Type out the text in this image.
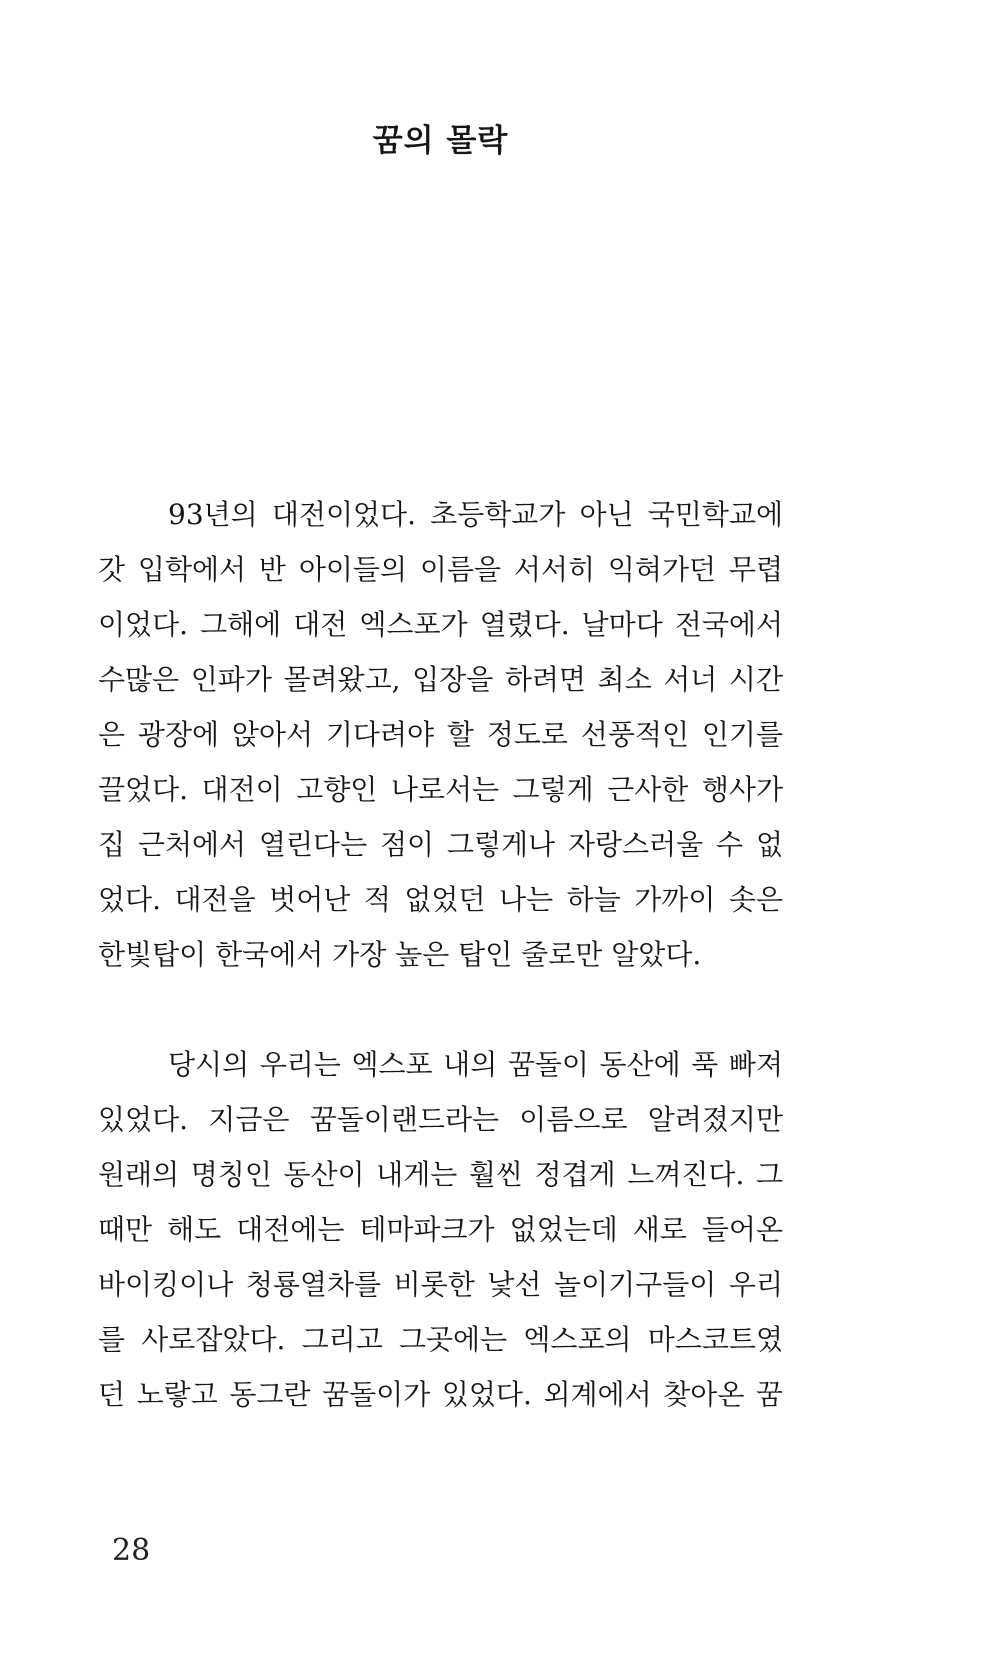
꿈의 몰락
93년의 대전이었다. 초등학교가 아닌 국민학교에
갓 입학에서 반 아이들의 이름을 서서히 익혀가던 무렵
이었다. 그해에 대전 엑스포가 열렸다. 날마다 전국에서
수많은 인파가 몰려왔고, 입장을 하려면 최소 서너 시간
은 광장에 앉아서 기다려야 할 정도로 선풍적인 인기를
끌었다. 대전이 고향인 나로서는 그렇게 근사한 행사가
집 근처에서 열린다는 점이 그렇게나 자랑스러울 수 없
었다. 대전을 벗어난 적 없었던 나는 하늘 가까이 솟은
한빛탑이 한국에서 가장 높은 탑인 줄로만 알았다.
당시의 우리는 엑스포 내의 꿈돌이 동산에 푹 빠져
있었다. 지금은 꿈돌이랜드라는 이름으로 알려졌지만
원래의 명칭인 동산이 내게는 훨씬 정겹게 느껴진다. 그
때만 해도 대전에는 테마파크가 없었는데 새로 들어온
바이킹이나 청룡열차를 비롯한 낯선 놀이기구들이 우리
를 사로잡았다. 그리고 그곳에는 엑스포의 마스코트였
던 노랗고 동그란 꿈돌이가 있었다. 외계에서 찾아온 꿈
28
